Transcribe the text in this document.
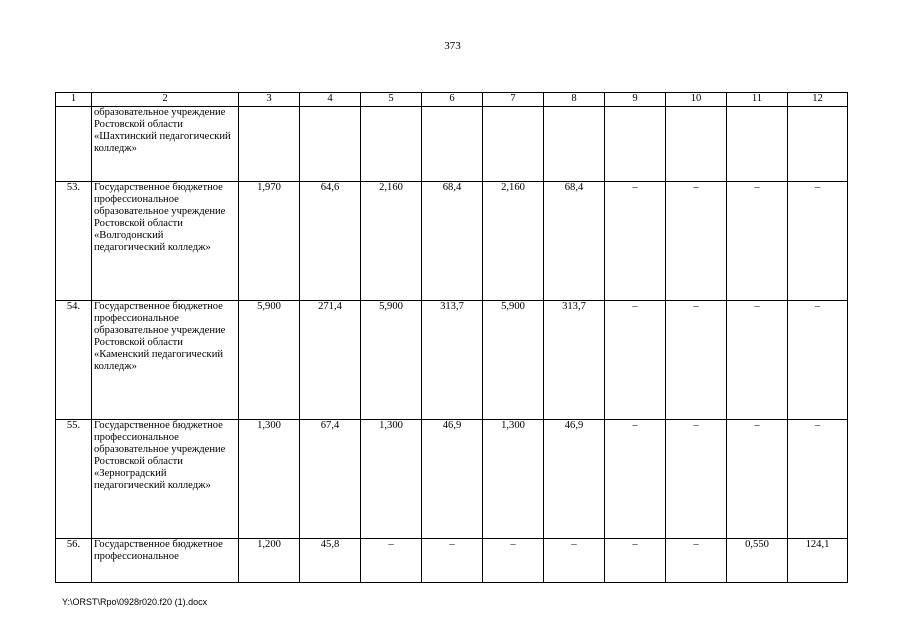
373
1	2	3	4	5	6	7	8	9	10	11	12
	образовательное учреждение Ростовской области «Шахтинский педагогический колледж»										
53.	Государственное бюджетное профессиональное образовательное учреждение Ростовской области «Волгодонский педагогический колледж»	1,970	64,6	2,160	68,4	2,160	68,4	–	–	–	–
54.	Государственное бюджетное профессиональное образовательное учреждение Ростовской области «Каменский педагогический колледж»	5,900	271,4	5,900	313,7	5,900	313,7	–	–	–	–
55.	Государственное бюджетное профессиональное образовательное учреждение Ростовской области «Зерноградский педагогический колледж»	1,300	67,4	1,300	46,9	1,300	46,9	–	–	–	–
56.	Государственное бюджетное профессиональное	1,200	45,8	–	–	–	–	–	–	0,550	124,1
Y:\ORST\Rpo\0928r020.f20 (1).docx
